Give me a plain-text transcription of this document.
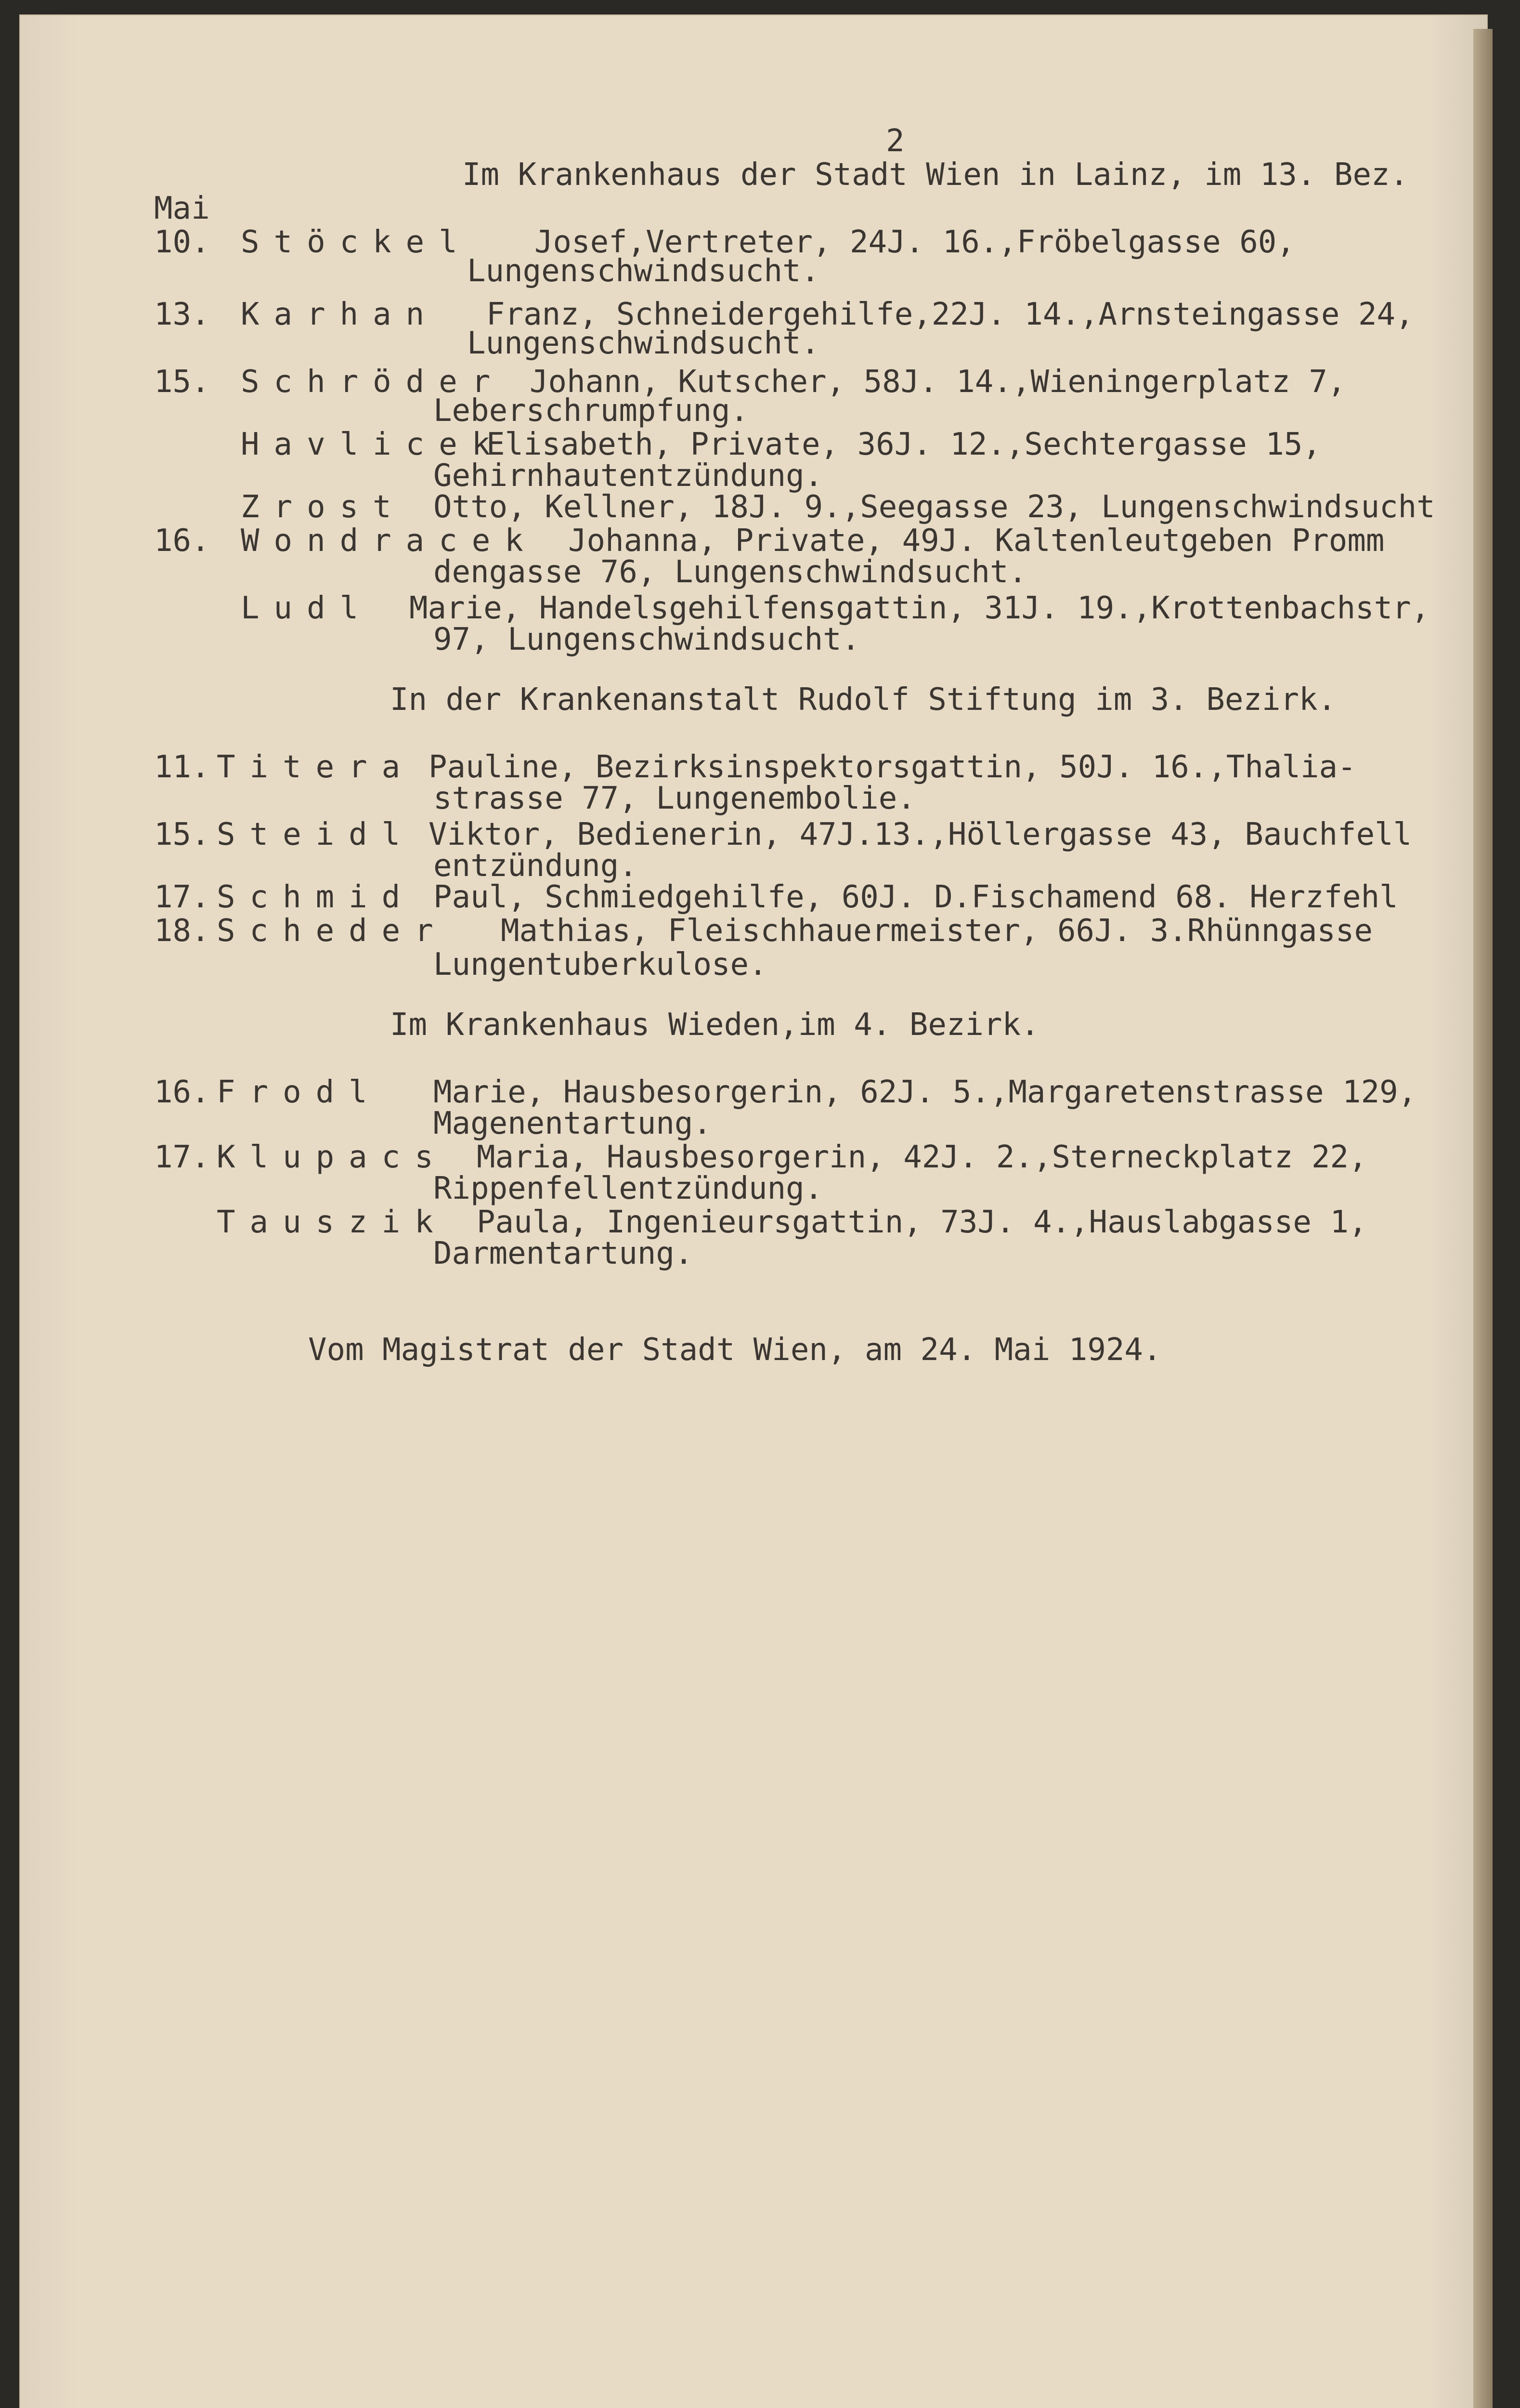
2
Im Krankenhaus der Stadt Wien in Lainz, im 13. Bez.
Mai
10. Stöckel Josef,Vertreter, 24J. 16.,Fröbelgasse 60,
Lungenschwindsucht.
13. Karhan Franz, Schneidergehilfe,22J. 14.,Arnsteingasse 24,
Lungenschwindsucht.
15. Schröder Johann, Kutscher, 58J. 14.,Wieningerplatz 7,
Leberschrumpfung.
Havlicek
Elisabeth, Private, 36J. 12.,Sechtergasse 15,
Gehirnhautentzündung.
Zrost Otto, Kellner, 18J. 9.,Seegasse 23, Lungenschwindsucht
16. Wondracek Johanna, Private, 49J. Kaltenleutgeben Promm
dengasse 76, Lungenschwindsucht.
Ludl Marie, Handelsgehilfensgattin, 31J. 19.,Krottenbachstr,
97, Lungenschwindsucht.
In der Krankenanstalt Rudolf Stiftung im 3. Bezirk.
11. Titera Pauline, Bezirksinspektorsgattin, 50J. 16.,Thalia-
strasse 77, Lungenembolie.
15. Steidl Viktor, Bedienerin, 47J.13.,Höllergasse 43, Bauchfell
entzündung.
17. Schmid Paul, Schmiedgehilfe, 60J. D.Fischamend 68. Herzfehl
18. Scheder Mathias, Fleischhauermeister, 66J. 3.Rhünngasse
Lungentuberkulose.
Im Krankenhaus Wieden,im 4. Bezirk.
16. Frodl Marie, Hausbesorgerin, 62J. 5.,Margaretenstrasse 129,
Magenentartung.
17. Klupacs Maria, Hausbesorgerin, 42J. 2.,Sterneckplatz 22,
Rippenfellentzündung.
Tauszik Paula, Ingenieursgattin, 73J. 4.,Hauslabgasse 1,
Darmentartung.
Vom Magistrat der Stadt Wien, am 24. Mai 1924.
